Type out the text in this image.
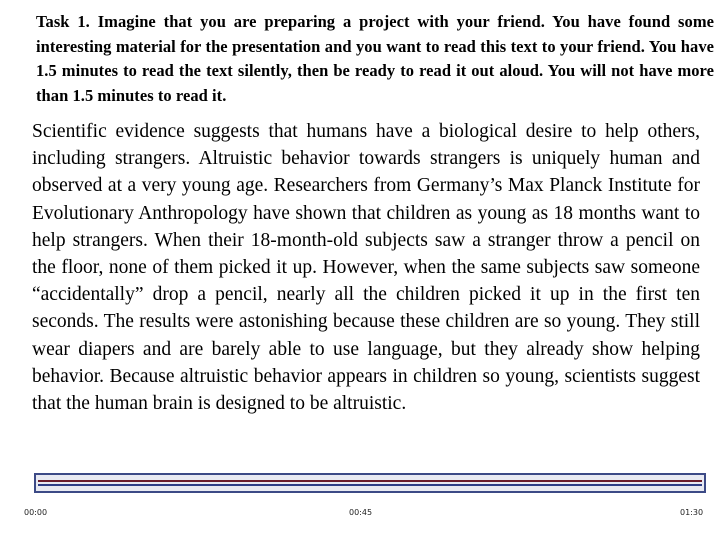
Task 1. Imagine that you are preparing a project with your friend. You have found some interesting material for the presentation and you want to read this text to your friend. You have 1.5 minutes to read the text silently, then be ready to read it out aloud. You will not have more than 1.5 minutes to read it.

Scientific evidence suggests that humans have a biological desire to help others, including strangers. Altruistic behavior towards strangers is uniquely human and observed at a very young age. Researchers from Germany’s Max Planck Institute for Evolutionary Anthropology have shown that children as young as 18 months want to help strangers. When their 18-month-old subjects saw a stranger throw a pencil on the floor, none of them picked it up. However, when the same subjects saw someone “accidentally” drop a pencil, nearly all the children picked it up in the first ten seconds. The results were astonishing because these children are so young. They still wear diapers and are barely able to use language, but they already show helping behavior. Because altruistic behavior appears in children so young, scientists suggest that the human brain is designed to be altruistic.

00:00	00:45	01:30
